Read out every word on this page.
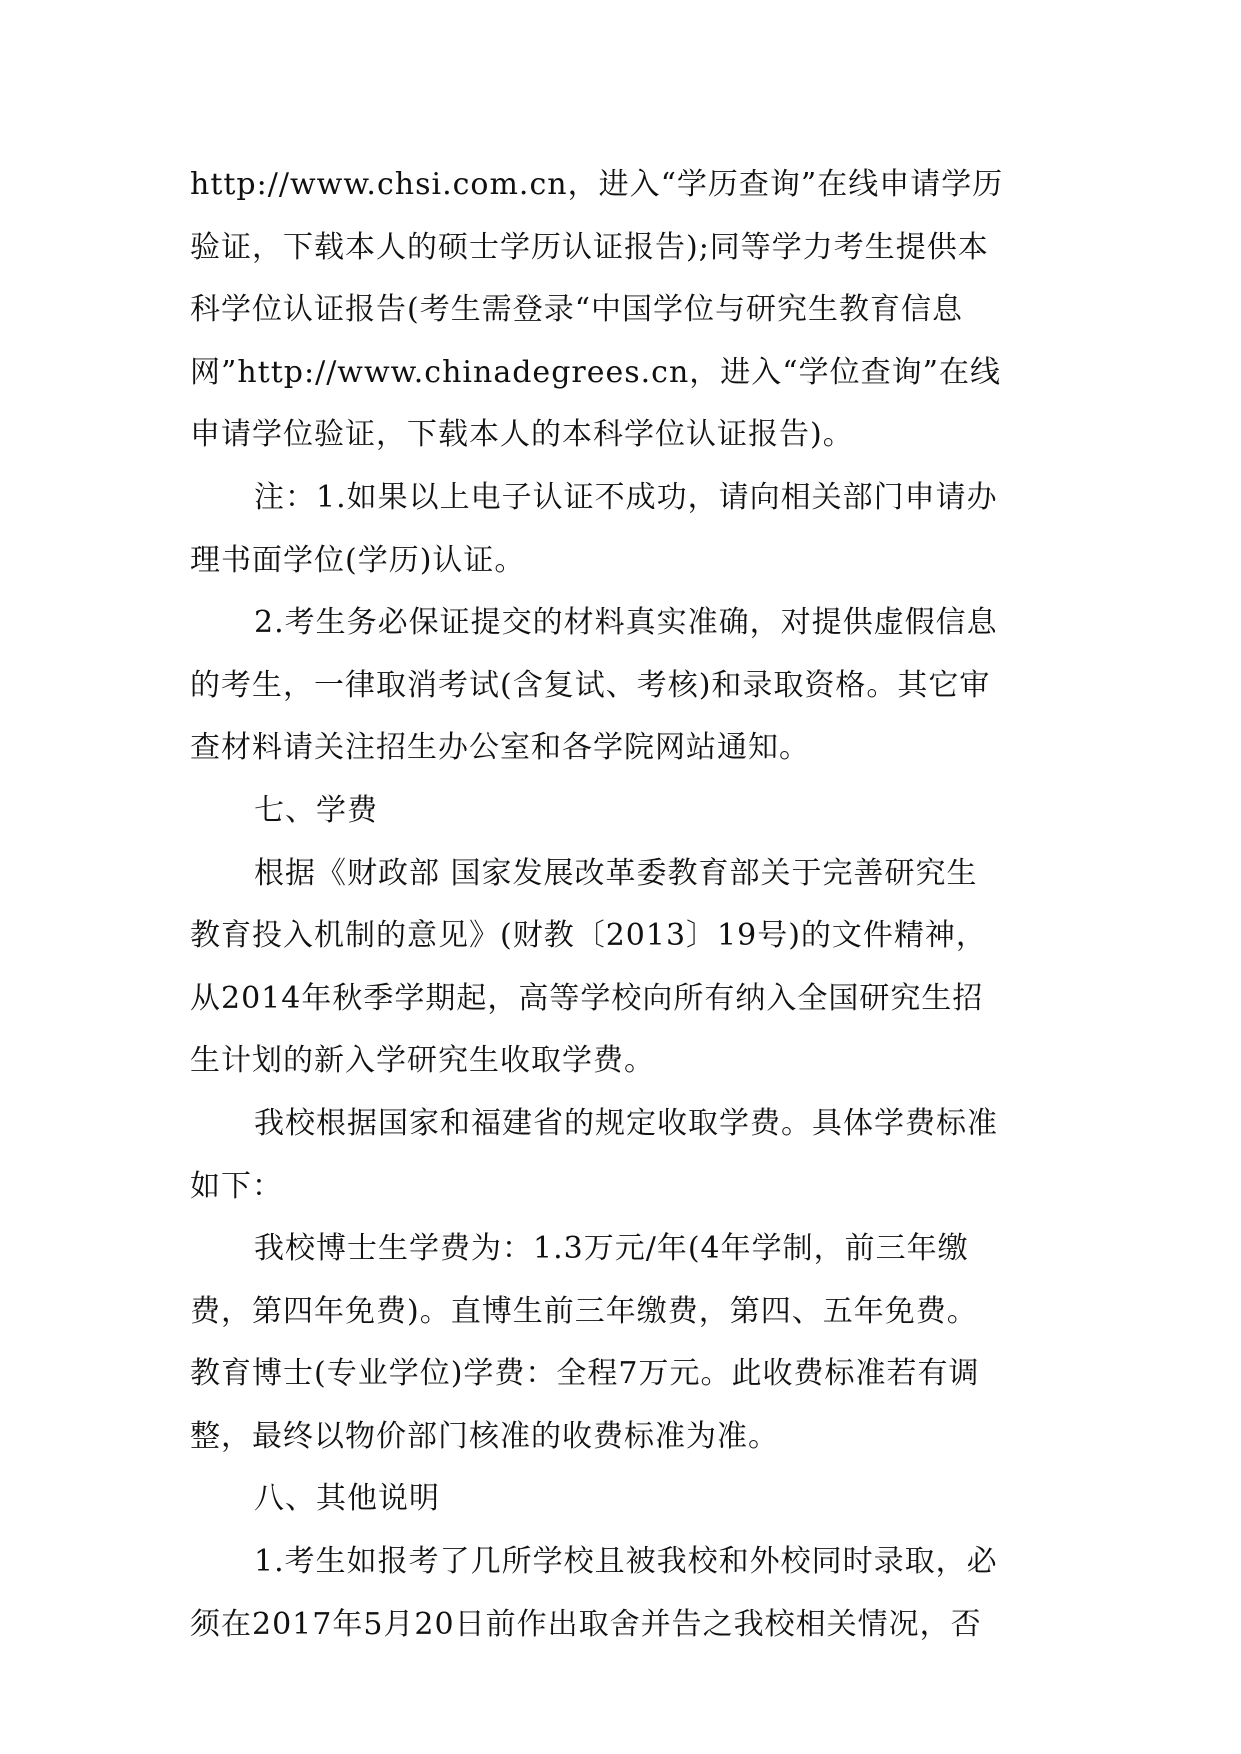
http://www.chsi.com.cn，进入“学历查询”在线申请学历
验证，下载本人的硕士学历认证报告);同等学力考生提供本
科学位认证报告(考生需登录“中国学位与研究生教育信息
网”http://www.chinadegrees.cn，进入“学位查询”在线
申请学位验证，下载本人的本科学位认证报告)。
注：1.如果以上电子认证不成功，请向相关部门申请办
理书面学位(学历)认证。
2.考生务必保证提交的材料真实准确，对提供虚假信息
的考生，一律取消考试(含复试、考核)和录取资格。其它审
查材料请关注招生办公室和各学院网站通知。
七、学费
根据《财政部 国家发展改革委教育部关于完善研究生
教育投入机制的意见》(财教〔2013〕19号)的文件精神，
从2014年秋季学期起，高等学校向所有纳入全国研究生招
生计划的新入学研究生收取学费。
我校根据国家和福建省的规定收取学费。具体学费标准
如下：
我校博士生学费为：1.3万元/年(4年学制，前三年缴
费，第四年免费)。直博生前三年缴费，第四、五年免费。
教育博士(专业学位)学费：全程7万元。此收费标准若有调
整，最终以物价部门核准的收费标准为准。
八、其他说明
1.考生如报考了几所学校且被我校和外校同时录取，必
须在2017年5月20日前作出取舍并告之我校相关情况，否
